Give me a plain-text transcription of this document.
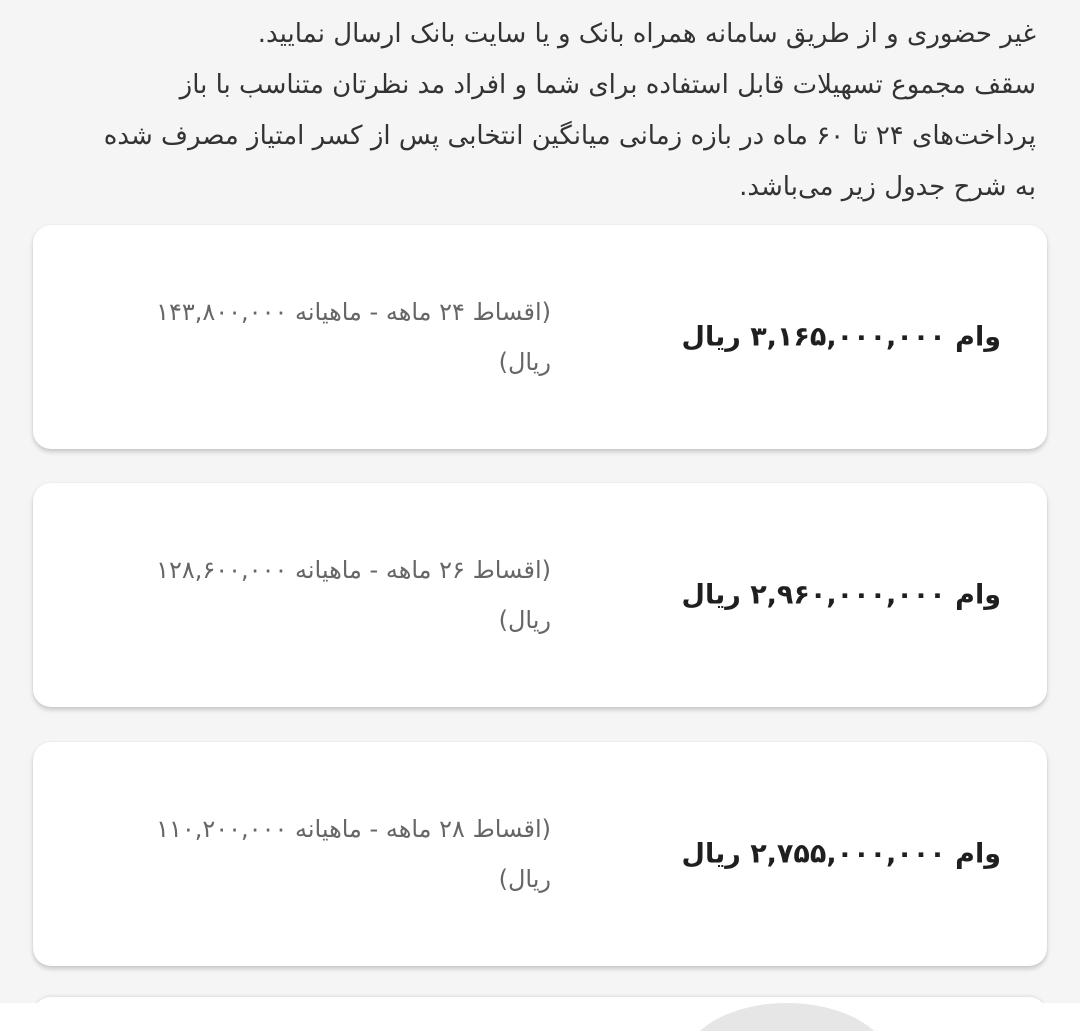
غیر حضوری و از طریق سامانه همراه بانک و یا سایت بانک ارسال نمایید.
سقف مجموع تسهیلات قابل استفاده برای شما و افراد مد نظرتان متناسب با باز
پرداخت‌های ۲۴ تا ۶۰ ماه در بازه زمانی میانگین انتخابی پس از کسر امتیاز مصرف شده
به شرح جدول زیر می‌باشد.

وام ۳,۱۶۵,۰۰۰,۰۰۰ ریال
(اقساط ۲۴ ماهه - ماهیانه ۱۴۳,۸۰۰,۰۰۰
ریال)
وام ۲,۹۶۰,۰۰۰,۰۰۰ ریال
(اقساط ۲۶ ماهه - ماهیانه ۱۲۸,۶۰۰,۰۰۰
ریال)
وام ۲,۷۵۵,۰۰۰,۰۰۰ ریال
(اقساط ۲۸ ماهه - ماهیانه ۱۱۰,۲۰۰,۰۰۰
ریال)
